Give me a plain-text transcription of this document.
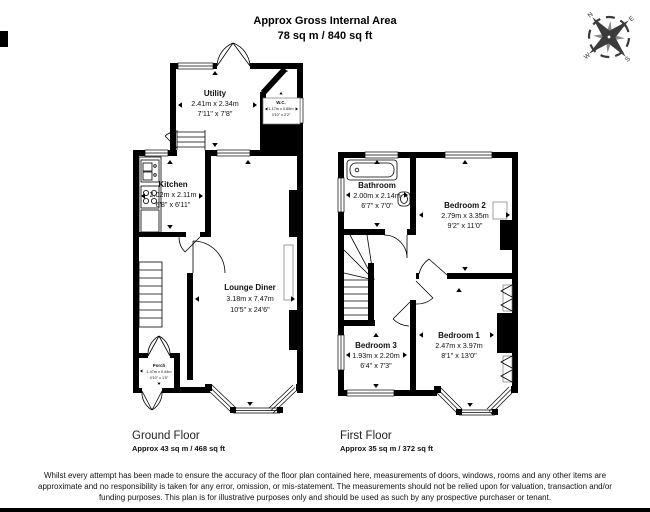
Approx Gross Internal Area
78 sq m / 840 sq ft
N	E
S
W
Utility
2.41m x 2.34m
7'11" x 7'8"
W.C.
1.17m x 0.65m
3'10" x 2'2"
Kitchen
2.02m x 2.11m
6'8" x 6'11"
Lounge Diner
3.18m x 7.47m
10'5" x 24'6"
Porch
1.47m x 0.44m
4'10" x 1'5"
Bathroom
2.00m x 2.14m
6'7" x 7'0"	Bedroom 2
2.79m x 3.35m
9'2" x 11'0"
Bedroom 3
1.93m x 2.20m
6'4" x 7'3"
Bedroom 1
2.47m x 3.97m
8'1" x 13'0"
Ground Floor
Approx 43 sq m / 468 sq ft
First Floor
Approx 35 sq m / 372 sq ft
Whilst every attempt has been made to ensure the accuracy of the floor plan contained here, measurements of doors, windows, rooms and any other items are approximate and no responsibility is taken for any error, omission, or mis-statement. The measurements should not be relied upon for valuation, transaction and/or funding purposes. This plan is for illustrative purposes only and should be used as such by any prospective purchaser or tenant.
